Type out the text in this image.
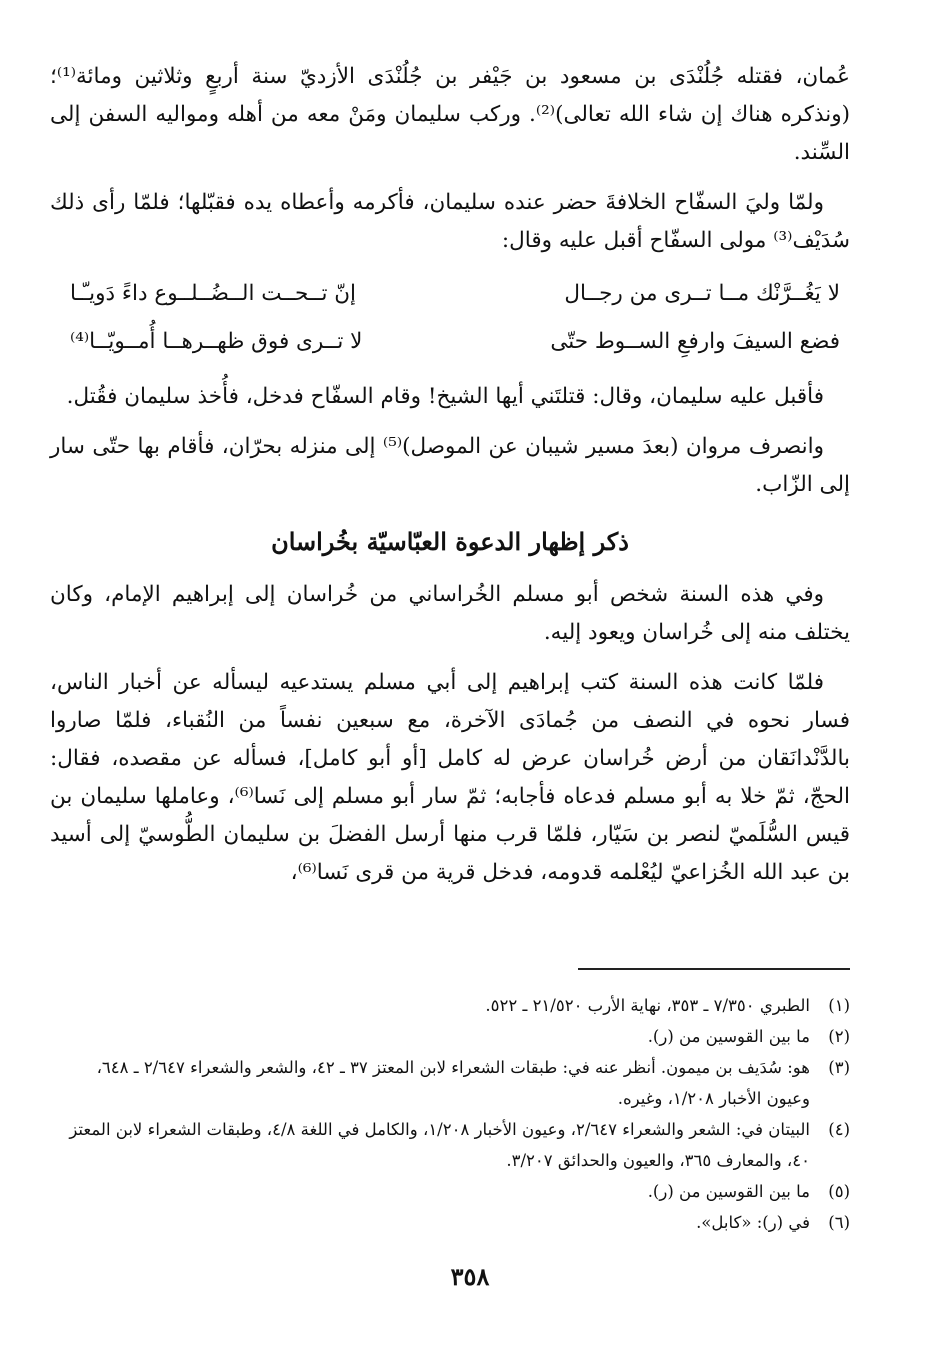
عُمان، فقتله جُلُنْدَى بن مسعود بن جَيْفر بن جُلُنْدَى الأزديّ سنة أربعٍ وثلاثين ومائة⁽¹⁾؛ (ونذكره هناك إن شاء الله تعالى)⁽²⁾. وركب سليمان ومَنْ معه من أهله ومواليه السفن إلى السِّند.

ولمّا وليَ السفّاح الخلافةَ حضر عنده سليمان، فأكرمه وأعطاه يده فقبّلها؛ فلمّا رأى ذلك سُدَيْف⁽³⁾ مولى السفّاح أقبل عليه وقال:

لا يَغُــرَّنْك مــا تــرى من رجــال
إنّ تــحــت الــضُــلــوع داءً دَويـّـا
فضع السيفَ وارفعِ الســوط حتّى
لا تــرى فوق ظهــرهــا أُمــويّــا⁽⁴⁾

فأقبل عليه سليمان، وقال: قتلتَني أيها الشيخ! وقام السفّاح فدخل، فأُخذ سليمان فقُتل.

وانصرف مروان (بعدَ مسير شيبان عن الموصل)⁽⁵⁾ إلى منزله بحرّان، فأقام بها حتّى سار إلى الزّاب.

ذكر إظهار الدعوة العبّاسيّة بخُراسان

وفي هذه السنة شخص أبو مسلم الخُراساني من خُراسان إلى إبراهيم الإمام، وكان يختلف منه إلى خُراسان ويعود إليه.

فلمّا كانت هذه السنة كتب إبراهيم إلى أبي مسلم يستدعيه ليسأله عن أخبار الناس، فسار نحوه في النصف من جُمادَى الآخرة، مع سبعين نفساً من النُقباء، فلمّا صاروا بالدَّنْدانَقان من أرض خُراسان عرض له كامل [أو أبو كامل]، فسأله عن مقصده، فقال: الحجّ، ثمّ خلا به أبو مسلم فدعاه فأجابه؛ ثمّ سار أبو مسلم إلى نَسا⁽⁶⁾، وعاملها سليمان بن قيس السُّلَميّ لنصر بن سَيّار، فلمّا قرب منها أرسل الفضلَ بن سليمان الطُّوسيّ إلى أسيد بن عبد الله الخُزاعيّ ليُعْلمه قدومه، فدخل قرية من قرى نَسا⁽⁶⁾،

(١)الطبري ٧/٣٥٠ ـ ٣٥٣، نهاية الأرب ٢١/٥٢٠ ـ ٥٢٢.

(٢)ما بين القوسين من (ر).

(٣)هو: سُدَيف بن ميمون. أنظر عنه في: طبقات الشعراء لابن المعتز ٣٧ ـ ٤٢، والشعر والشعراء ٢/٦٤٧ ـ ٦٤٨، وعيون الأخبار ١/٢٠٨، وغيره.

(٤)البيتان في: الشعر والشعراء ٢/٦٤٧، وعيون الأخبار ١/٢٠٨، والكامل في اللغة ٤/٨، وطبقات الشعراء لابن المعتز ٤٠، والمعارف ٣٦٥، والعيون والحدائق ٣/٢٠٧.

(٥)ما بين القوسين من (ر).

(٦)في (ر): «كابل».

٣٥٨
